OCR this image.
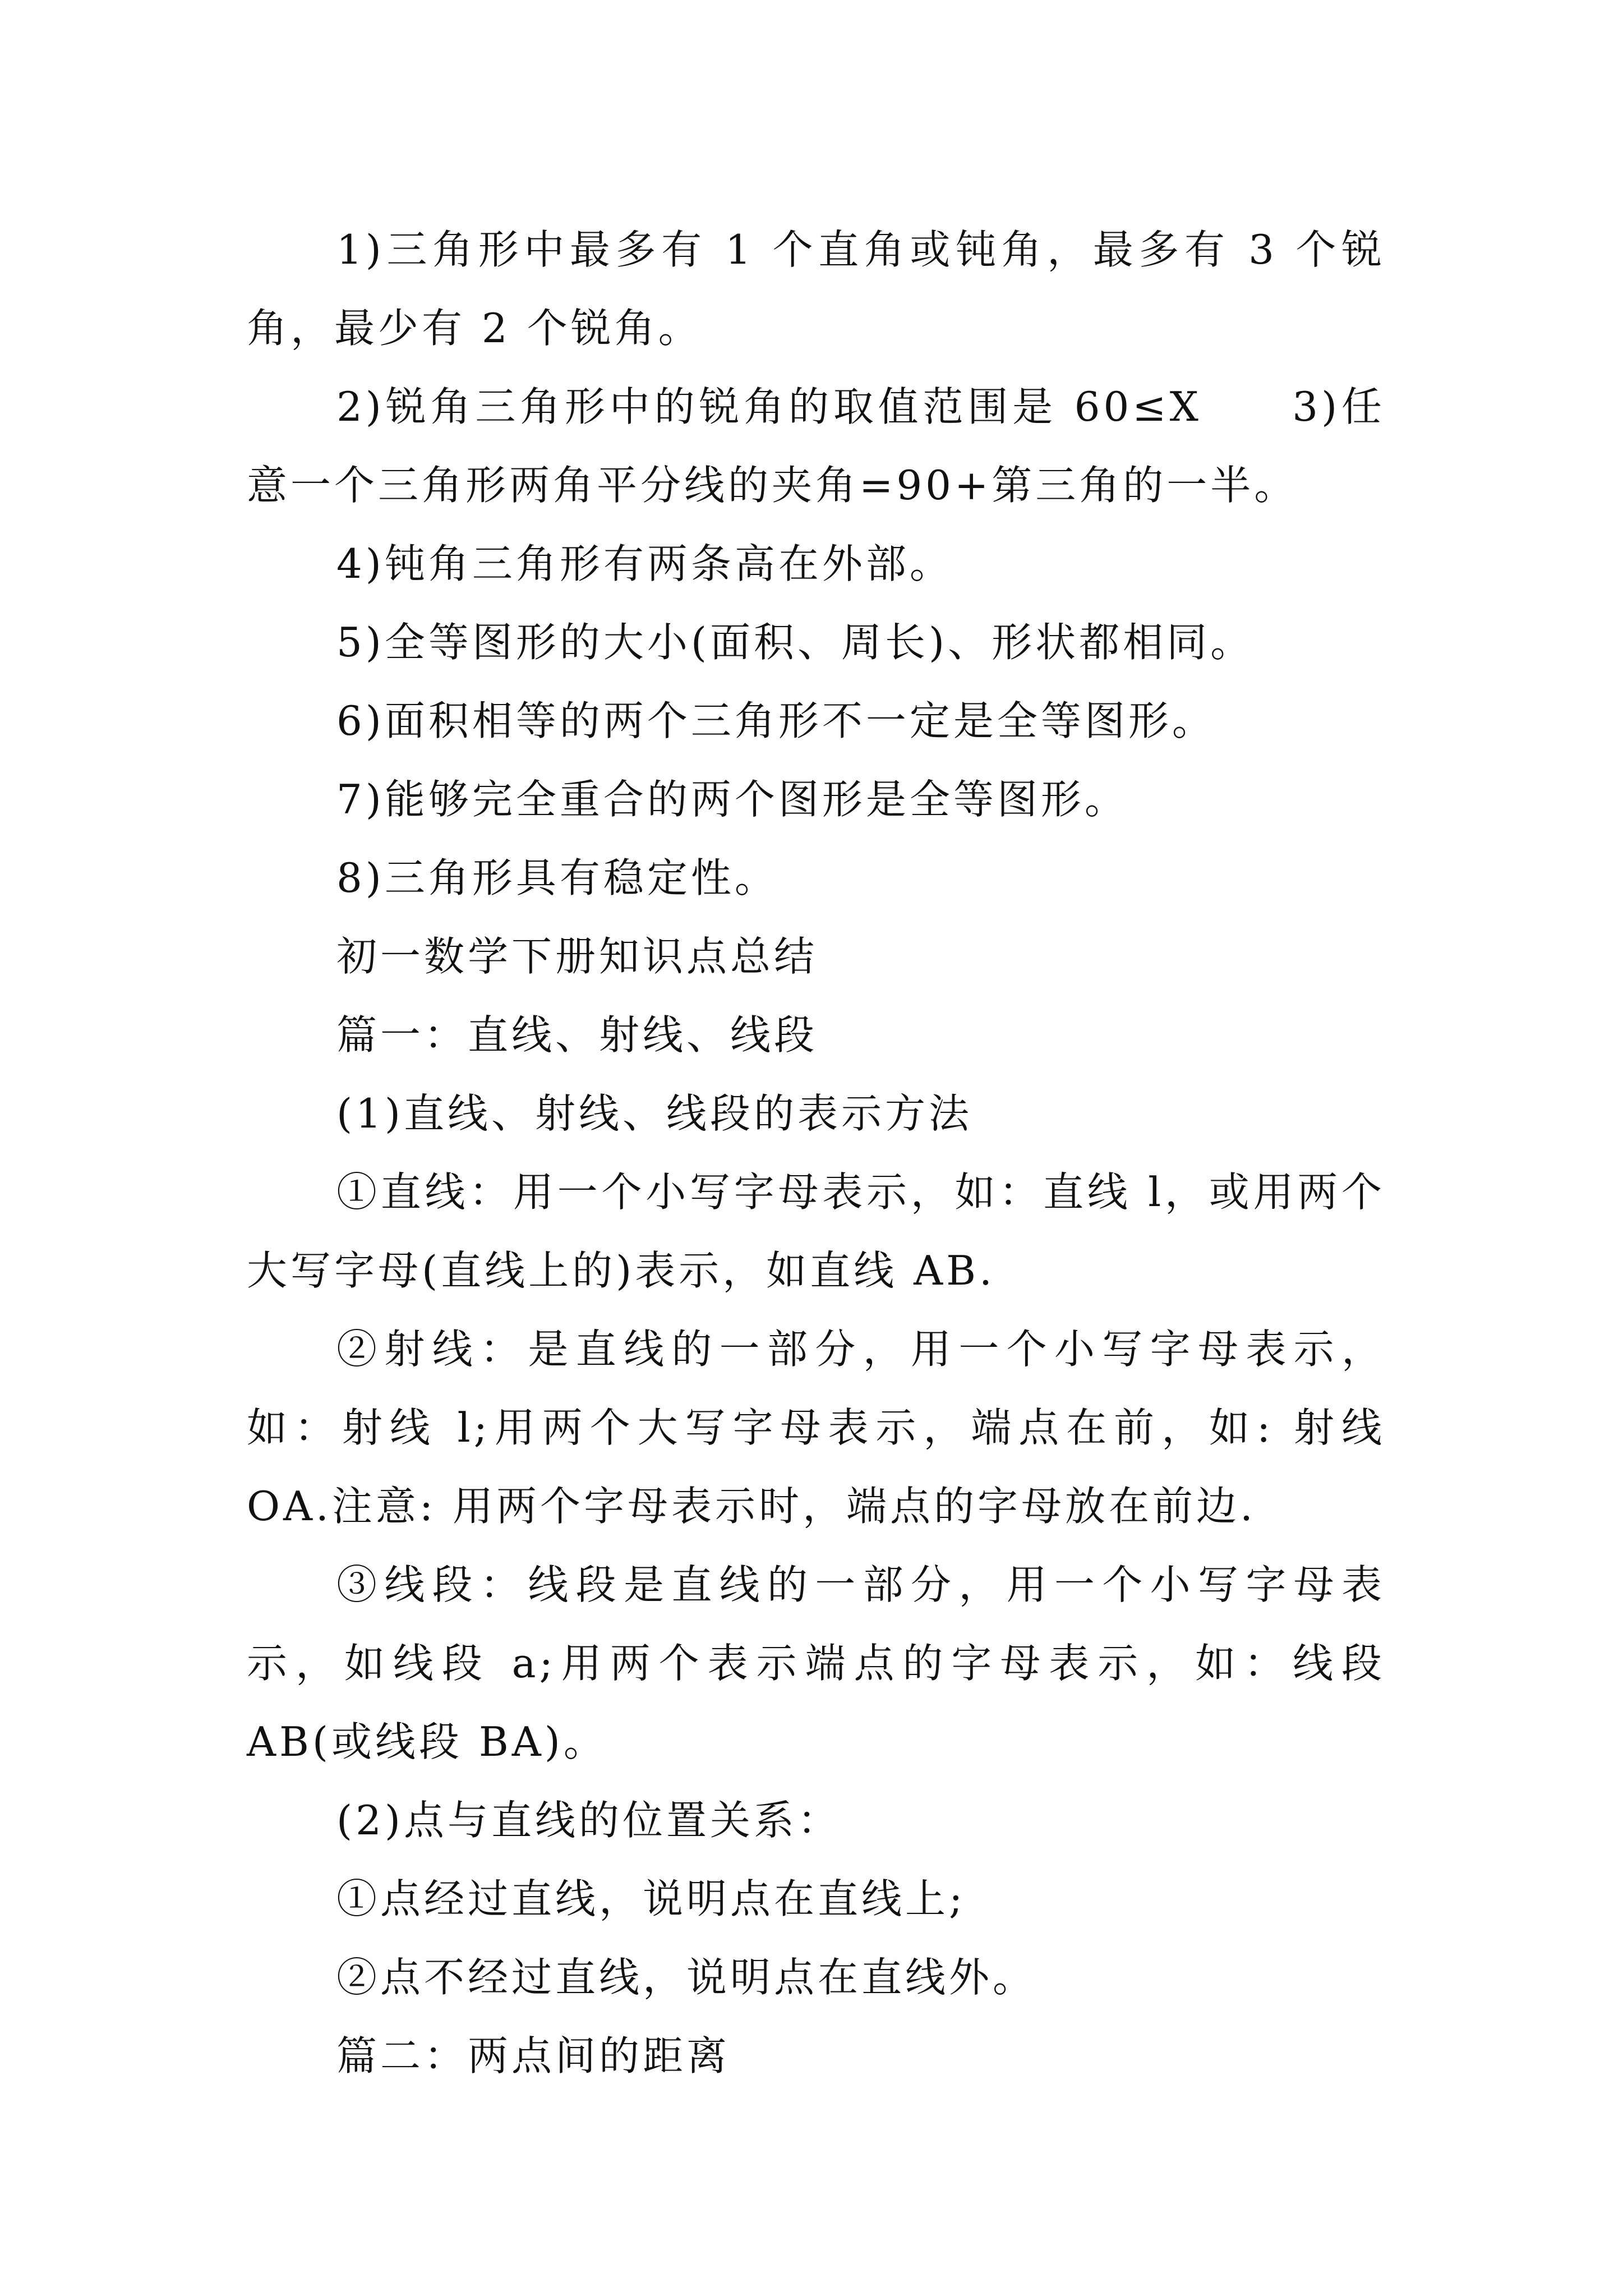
1)三角形中最多有 1 个直角或钝角，最多有 3 个锐角，最少有 2 个锐角。

2)锐角三角形中的锐角的取值范围是 60≤X　　3)任意一个三角形两角平分线的夹角=90+第三角的一半。

4)钝角三角形有两条高在外部。

5)全等图形的大小(面积、周长)、形状都相同。

6)面积相等的两个三角形不一定是全等图形。

7)能够完全重合的两个图形是全等图形。

8)三角形具有稳定性。

初一数学下册知识点总结

篇一：直线、射线、线段

(1)直线、射线、线段的表示方法

①直线：用一个小写字母表示，如：直线 l，或用两个大写字母(直线上的)表示，如直线 AB.

②射线：是直线的一部分，用一个小写字母表示，如：射线 l;用两个大写字母表示，端点在前，如: 射线 OA.注意: 用两个字母表示时，端点的字母放在前边.

③线段：线段是直线的一部分，用一个小写字母表示，如线段 a;用两个表示端点的字母表示，如：线段 AB(或线段 BA)。

(2)点与直线的位置关系：

①点经过直线，说明点在直线上;

②点不经过直线，说明点在直线外。

篇二：两点间的距离
